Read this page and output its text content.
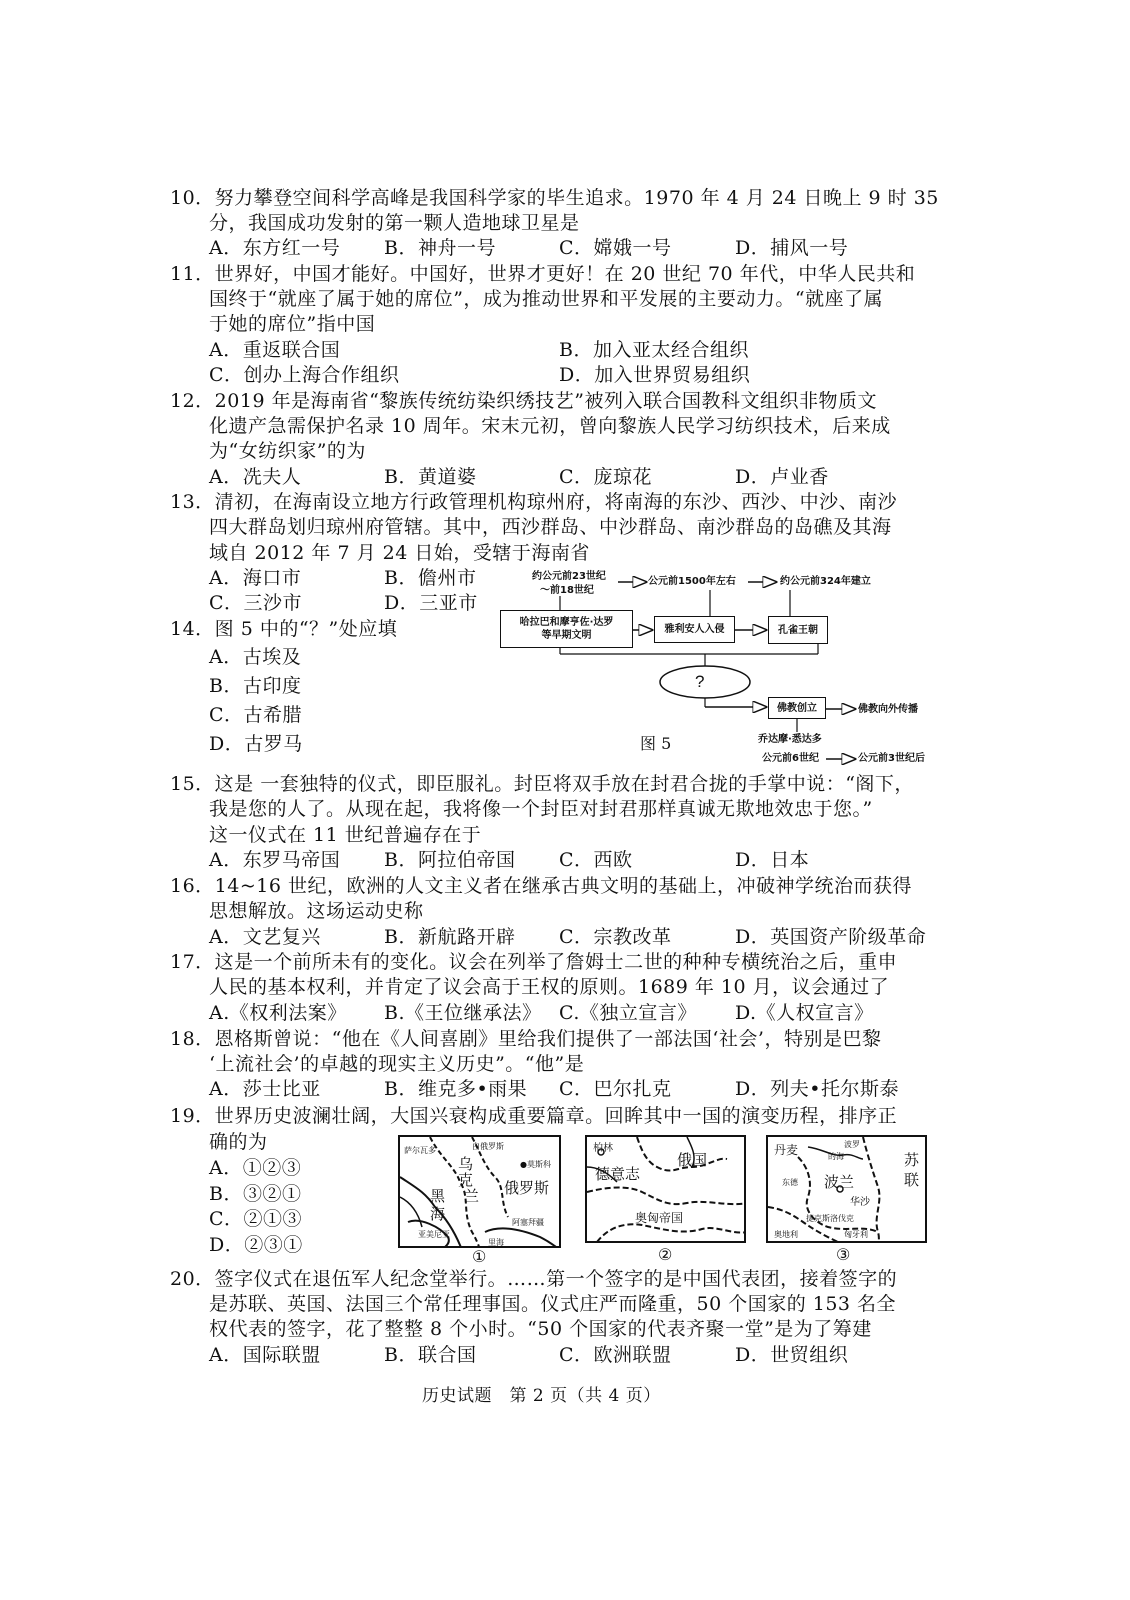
10．努力攀登空间科学高峰是我国科学家的毕生追求。1970 年 4 月 24 日晚上 9 时 35
分，我国成功发射的第一颗人造地球卫星是
A．东方红一号 B．神舟一号	C．嫦娥一号	D．捕风一号
11．世界好，中国才能好。中国好，世界才更好！在 20 世纪 70 年代，中华人民共和
国终于“就座了属于她的席位”，成为推动世界和平发展的主要动力。“就座了属
于她的席位”指中国
A．重返联合国	B．加入亚太经合组织
C．创办上海合作组织	D．加入世界贸易组织
12．2019 年是海南省“黎族传统纺染织绣技艺”被列入联合国教科文组织非物质文
化遗产急需保护名录 10 周年。宋末元初，曾向黎族人民学习纺织技术，后来成
为“女纺织家”的为
A．冼夫人	B．黄道婆	C．庞琼花	D．卢业香
13．清初，在海南设立地方行政管理机构琼州府，将南海的东沙、西沙、中沙、南沙
四大群岛划归琼州府管辖。其中，西沙群岛、中沙群岛、南沙群岛的岛礁及其海
域自 2012 年 7 月 24 日始，受辖于海南省
A．海口市	B．儋州市
C．三沙市	D．三亚市
14．图 5 中的“？”处应填
A．古埃及
B．古印度
C．古希腊
D．古罗马
约公元前23世纪
～前18世纪
公元前1500年左右	约公元前324年建立
哈拉巴和摩亨佐·达罗
等早期文明
雅利安人入侵	孔雀王朝
?
佛教创立	佛教向外传播
乔达摩·悉达多
公元前6世纪	公元前3世纪后
图 5
15．这是 一套独特的仪式，即臣服礼。封臣将双手放在封君合拢的手掌中说：“阁下，
我是您的人了。从现在起，我将像一个封臣对封君那样真诚无欺地效忠于您。”
这一仪式在 11 世纪普遍存在于
A．东罗马帝国 B．阿拉伯帝国 C．西欧	D．日本
16．14~16 世纪，欧洲的人文主义者在继承古典文明的基础上，冲破神学统治而获得
思想解放。这场运动史称
A．文艺复兴	B．新航路开辟 C．宗教改革	D．英国资产阶级革命
17．这是一个前所未有的变化。议会在列举了詹姆士二世的种种专横统治之后，重申
人民的基本权利，并肯定了议会高于王权的原则。1689 年 10 月，议会通过了
A.《权利法案》 B.《王位继承法》 C.《独立宣言》 D.《人权宣言》
18．恩格斯曾说：“他在《人间喜剧》里给我们提供了一部法国‘社会’，特别是巴黎
‘上流社会’的卓越的现实主义历史”。“他”是
A．莎士比亚	B．维克多•雨果 C．巴尔扎克	D．列夫•托尔斯泰
19．世界历史波澜壮阔，大国兴衰构成重要篇章。回眸其中一国的演变历程，排序正
确的为
A．①②③
B．③②①
C．②①③
D．②③①
萨尔瓦多	白俄罗斯
●莫斯科
乌
克
兰
黑
海
俄罗斯
亚美尼亚
阿塞拜疆
里海
①
柏林
德意志
俄国
奥匈帝国
②
丹麦	波罗
的海	苏
联
波兰
华沙
东德
捷克斯洛伐克
奥地利	匈牙利
③
20．签字仪式在退伍军人纪念堂举行。……第一个签字的是中国代表团，接着签字的
是苏联、英国、法国三个常任理事国。仪式庄严而隆重，50 个国家的 153 名全
权代表的签字，花了整整 8 个小时。“50 个国家的代表齐聚一堂”是为了筹建
A．国际联盟	B．联合国	C．欧洲联盟	D．世贸组织
历史试题　第 2 页（共 4 页）
